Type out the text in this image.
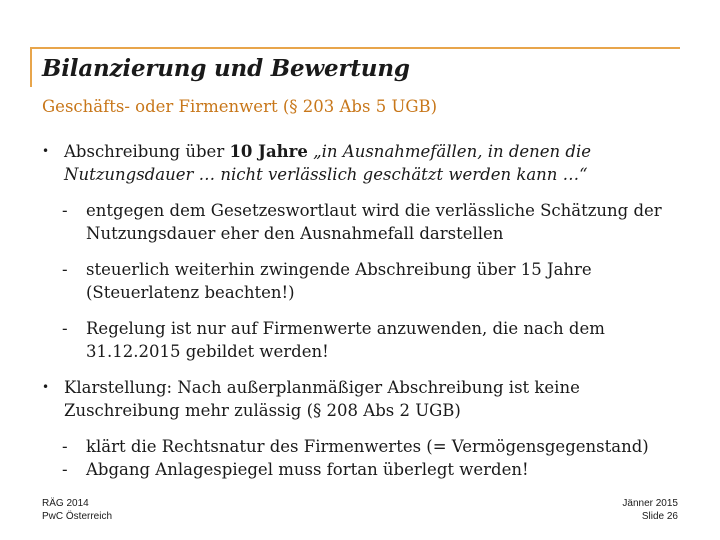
Bilanzierung und Bewertung
Geschäfts- oder Firmenwert (§ 203 Abs 5 UGB)
• Abschreibung über 10 Jahre „in Ausnahmefällen, in denen die Nutzungsdauer … nicht verlässlich geschätzt werden kann …“
- entgegen dem Gesetzeswortlaut wird die verlässliche Schätzung der Nutzungsdauer eher den Ausnahmefall darstellen
- steuerlich weiterhin zwingende Abschreibung über 15 Jahre (Steuerlatenz beachten!)
- Regelung ist nur auf Firmenwerte anzuwenden, die nach dem 31.12.2015 gebildet werden!
• Klarstellung: Nach außerplanmäßiger Abschreibung ist keine Zuschreibung mehr zulässig (§ 208 Abs 2 UGB)
- klärt die Rechtsnatur des Firmenwertes (= Vermögensgegenstand)
- Abgang Anlagespiegel muss fortan überlegt werden!
RÄG 2014
PwC Österreich
Jänner 2015
Slide 26
